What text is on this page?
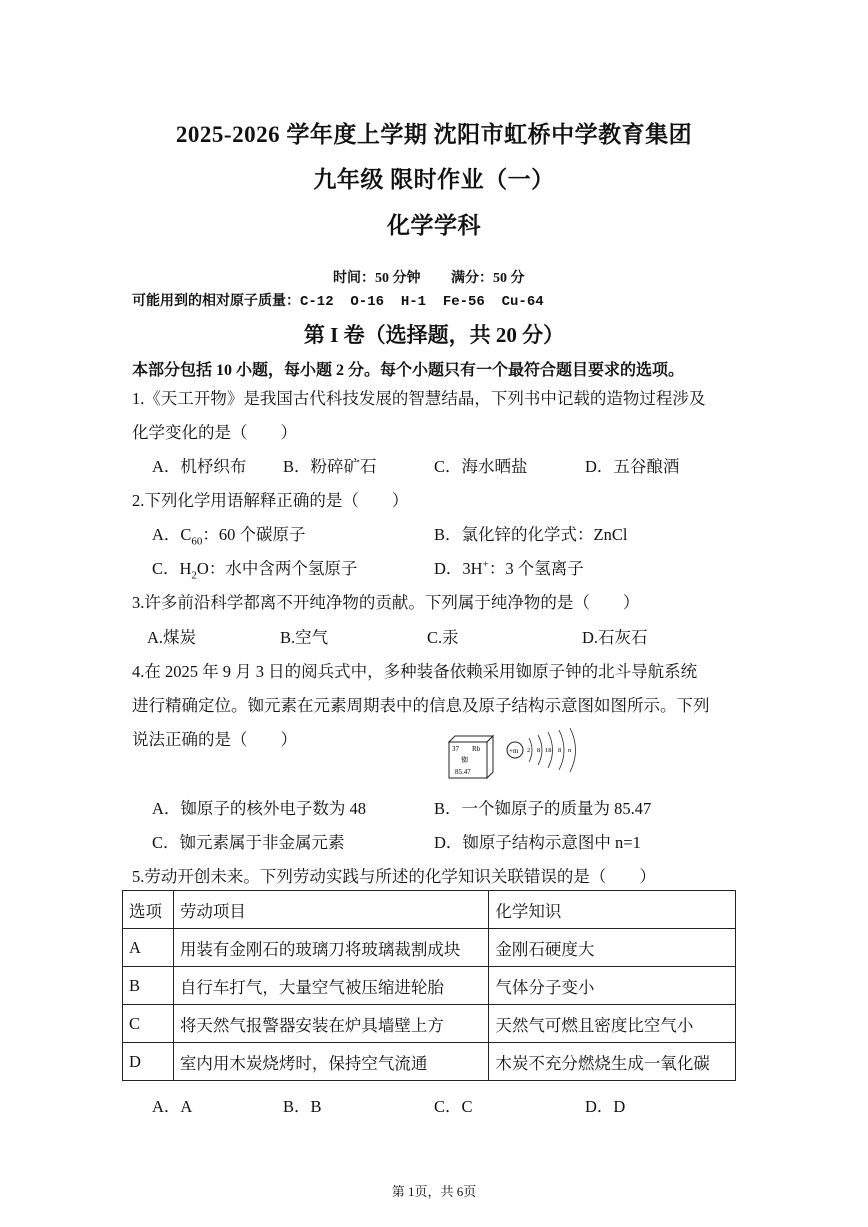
2025-2026 学年度上学期 沈阳市虹桥中学教育集团
九年级 限时作业（一）
化学学科
时间：50 分钟 满分：50 分
可能用到的相对原子质量：C-12  O-16  H-1  Fe-56  Cu-64
第 I 卷（选择题，共 20 分）
本部分包括 10 小题，每小题 2 分。每个小题只有一个最符合题目要求的选项。
1.《天工开物》是我国古代科技发展的智慧结晶，下列书中记载的造物过程涉及
化学变化的是（　　）
A．机杼织布 B．粉碎矿石	C．海水晒盐	D．五谷酿酒
2.下列化学用语解释正确的是（　　）
A．$C_{60}$：60 个碳原子	B．氯化锌的化学式：ZnCl
C．$H_2O$：水中含两个氢原子	D．3H+：3 个氢离子
3.许多前沿科学都离不开纯净物的贡献。下列属于纯净物的是（　　）
A.煤炭	B.空气	C.汞	D.石灰石
4.在 2025 年 9 月 3 日的阅兵式中，多种装备依赖采用铷原子钟的北斗导航系统
进行精确定位。铷元素在元素周期表中的信息及原子结构示意图如图所示。下列
说法正确的是（　　）	37 Rb
铷
85.47
+m 2 8 18 8 n
A．铷原子的核外电子数为 48	B．一个铷原子的质量为 85.47
C．铷元素属于非金属元素	D．铷原子结构示意图中 n=1
5.劳动开创未来。下列劳动实践与所述的化学知识关联错误的是（　　）
选项	劳动项目	化学知识
A	用装有金刚石的玻璃刀将玻璃裁割成块	金刚石硬度大
B	自行车打气，大量空气被压缩进轮胎	气体分子变小
C	将天然气报警器安装在炉具墙壁上方	天然气可燃且密度比空气小
D	室内用木炭烧烤时，保持空气流通	木炭不充分燃烧生成一氧化碳
A．A	B．B	C．C	D．D
第 1页，共 6页
